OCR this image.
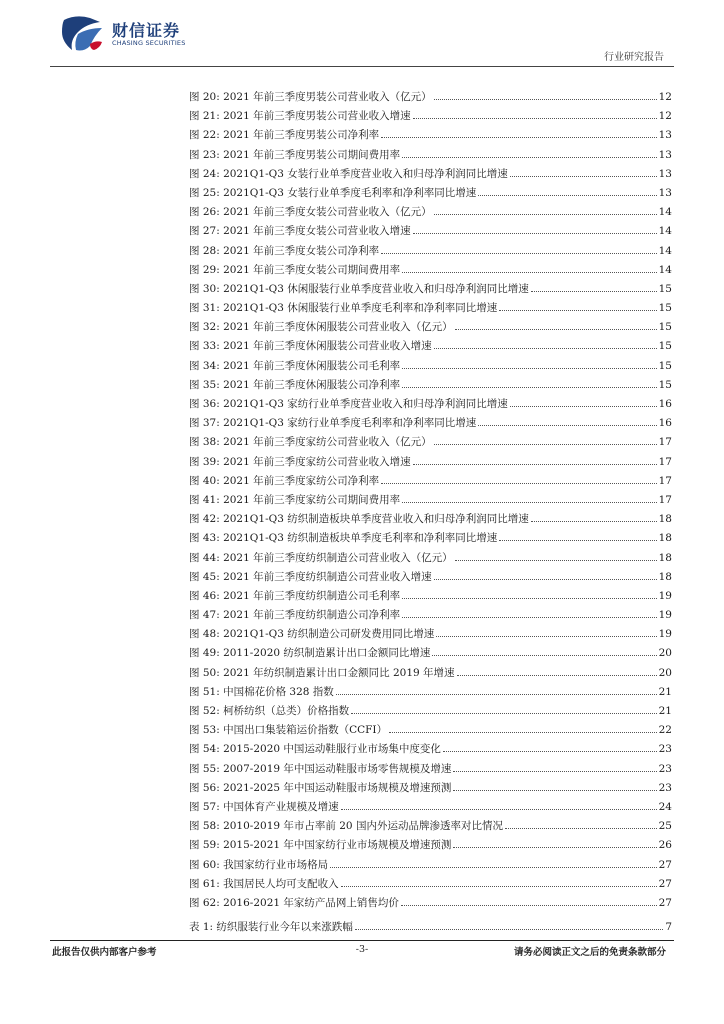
财信证券
CHASING SECURITIES
行业研究报告
图 20: 2021 年前三季度男装公司营业收入（亿元）	12
图 21: 2021 年前三季度男装公司营业收入增速	12
图 22: 2021 年前三季度男装公司净利率	13
图 23: 2021 年前三季度男装公司期间费用率	13
图 24: 2021Q1-Q3 女装行业单季度营业收入和归母净利润同比增速	13
图 25: 2021Q1-Q3 女装行业单季度毛利率和净利率同比增速	13
图 26: 2021 年前三季度女装公司营业收入（亿元）	14
图 27: 2021 年前三季度女装公司营业收入增速	14
图 28: 2021 年前三季度女装公司净利率	14
图 29: 2021 年前三季度女装公司期间费用率	14
图 30: 2021Q1-Q3 休闲服装行业单季度营业收入和归母净利润同比增速	15
图 31: 2021Q1-Q3 休闲服装行业单季度毛利率和净利率同比增速	15
图 32: 2021 年前三季度休闲服装公司营业收入（亿元）	15
图 33: 2021 年前三季度休闲服装公司营业收入增速	15
图 34: 2021 年前三季度休闲服装公司毛利率	15
图 35: 2021 年前三季度休闲服装公司净利率	15
图 36: 2021Q1-Q3 家纺行业单季度营业收入和归母净利润同比增速	16
图 37: 2021Q1-Q3 家纺行业单季度毛利率和净利率同比增速	16
图 38: 2021 年前三季度家纺公司营业收入（亿元）	17
图 39: 2021 年前三季度家纺公司营业收入增速	17
图 40: 2021 年前三季度家纺公司净利率	17
图 41: 2021 年前三季度家纺公司期间费用率	17
图 42: 2021Q1-Q3 纺织制造板块单季度营业收入和归母净利润同比增速	18
图 43: 2021Q1-Q3 纺织制造板块单季度毛利率和净利率同比增速	18
图 44: 2021 年前三季度纺织制造公司营业收入（亿元）	18
图 45: 2021 年前三季度纺织制造公司营业收入增速	18
图 46: 2021 年前三季度纺织制造公司毛利率	19
图 47: 2021 年前三季度纺织制造公司净利率	19
图 48: 2021Q1-Q3 纺织制造公司研发费用同比增速	19
图 49: 2011-2020 纺织制造累计出口金额同比增速	20
图 50: 2021 年纺织制造累计出口金额同比 2019 年增速	20
图 51: 中国棉花价格 328 指数	21
图 52: 柯桥纺织（总类）价格指数	21
图 53: 中国出口集装箱运价指数（CCFI）	22
图 54: 2015-2020 中国运动鞋服行业市场集中度变化	23
图 55: 2007-2019 年中国运动鞋服市场零售规模及增速	23
图 56: 2021-2025 年中国运动鞋服市场规模及增速预测	23
图 57: 中国体育产业规模及增速	24
图 58: 2010-2019 年市占率前 20 国内外运动品牌渗透率对比情况	25
图 59: 2015-2021 年中国家纺行业市场规模及增速预测	26
图 60: 我国家纺行业市场格局	27
图 61: 我国居民人均可支配收入	27
图 62: 2016-2021 年家纺产品网上销售均价	27
表 1: 纺织服装行业今年以来涨跌幅	7
此报告仅供内部客户参考	-3-	请务必阅读正文之后的免责条款部分
